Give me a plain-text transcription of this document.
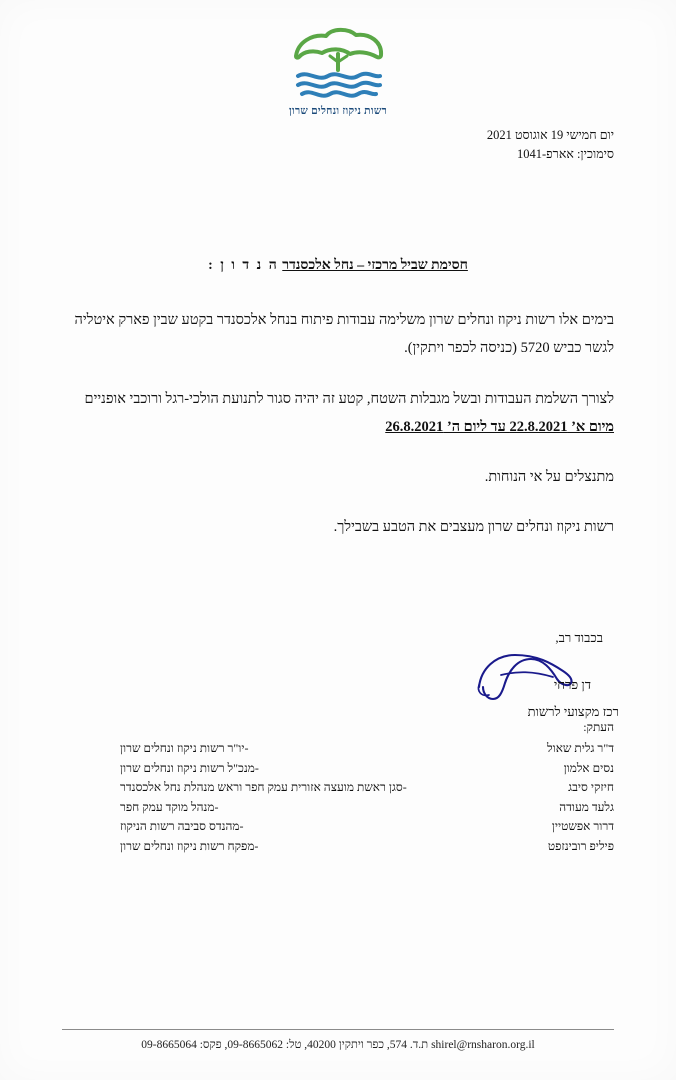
רשות ניקוז ונחלים שרון
יום חמישי 19 אוגוסט 2021
סימוכין: אארפ-1041
חסימת שביל מרכזי – נחל אלכסנדר ה נ ד ו ן :

בימים אלו רשות ניקוז ונחלים שרון משלימה עבודות פיתוח בנחל אלכסנדר בקטע שבין פארק איטליה לגשר כביש 5720 (כניסה לכפר ויתקין).

לצורך השלמת העבודות ובשל מגבלות השטח, קטע זה יהיה סגור לתנועת הולכי-רגל ורוכבי אופניים מיום א’ 22.8.2021 עד ליום ה’ 26.8.2021

מתנצלים על אי הנוחות.

רשות ניקוז ונחלים שרון מעצבים את הטבע בשבילך.

בכבוד רב,
דן פרחי
רכז מקצועי לרשות
העתק:
ד"ר גלית שאול
נסים אלמון
חיזקי סיבג
גלעד מעודה
דרור אפשטיין
פיליפ רובינזפט
-יו"ר רשות ניקוז ונחלים שרון
-מנכ"ל רשות ניקוז ונחלים שרון
-סגן ראשת מועצה אזורית עמק חפר וראש מנהלת נחל אלכסנדר
-מנהל מוקד עמק חפר
-מהנדס סביבה רשות הניקוז
-מפקח רשות ניקוז ונחלים שרון
shirel@rnsharon.org.il ת.ד. 574, כפר ויתקין 40200, טל: 09-8665062, פקס: 09-8665064
